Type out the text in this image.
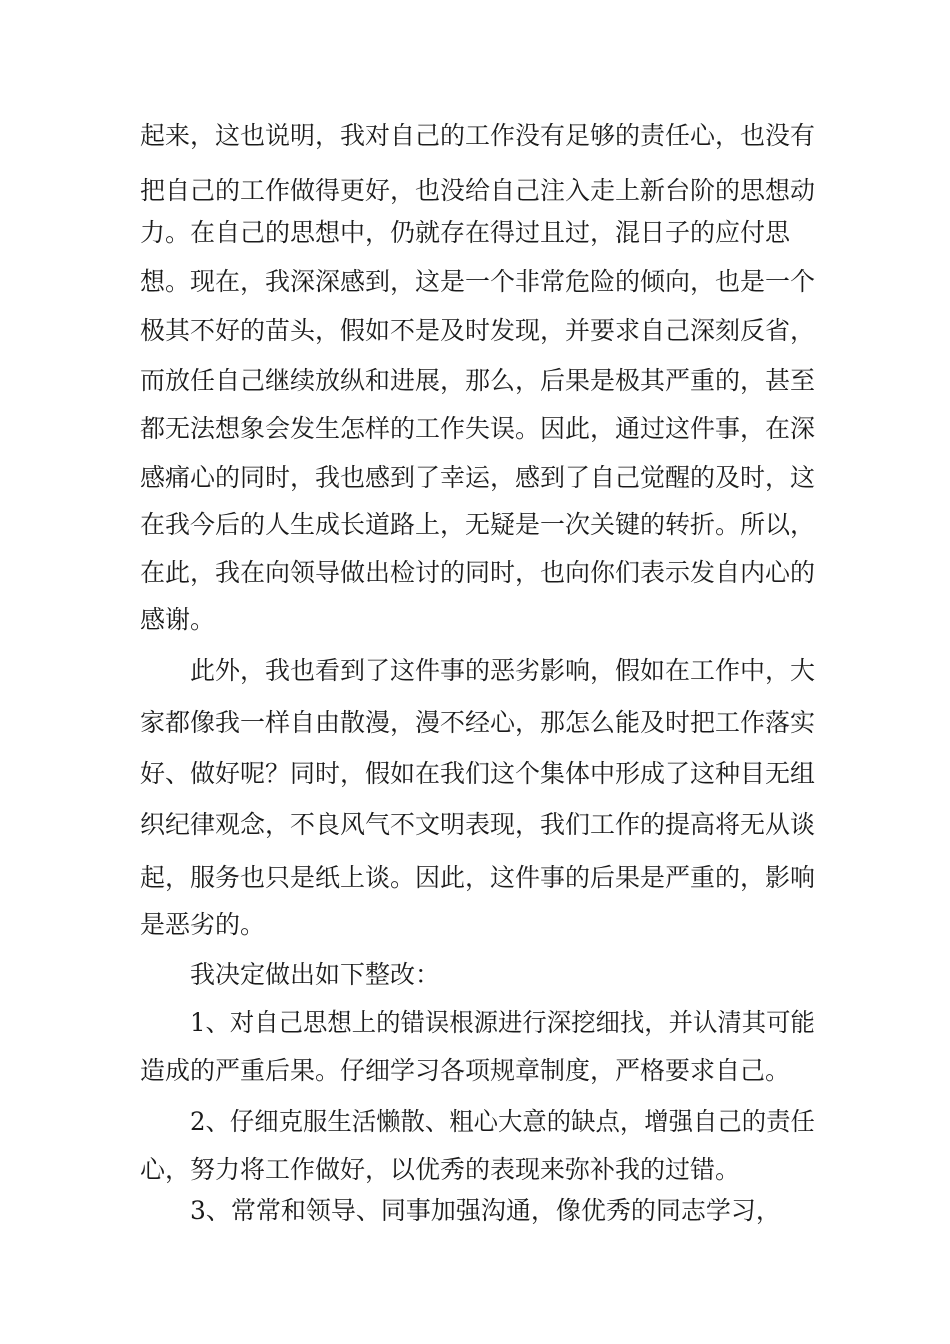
起来，这也说明，我对自己的工作没有足够的责任心，也没有
把自己的工作做得更好，也没给自己注入走上新台阶的思想动
力。在自己的思想中，仍就存在得过且过，混日子的应付思
想。现在，我深深感到，这是一个非常危险的倾向，也是一个
极其不好的苗头，假如不是及时发现，并要求自己深刻反省，
而放任自己继续放纵和进展，那么，后果是极其严重的，甚至
都无法想象会发生怎样的工作失误。因此，通过这件事，在深
感痛心的同时，我也感到了幸运，感到了自己觉醒的及时，这
在我今后的人生成长道路上，无疑是一次关键的转折。所以，
在此，我在向领导做出检讨的同时，也向你们表示发自内心的
感谢。
此外，我也看到了这件事的恶劣影响，假如在工作中，大
家都像我一样自由散漫，漫不经心，那怎么能及时把工作落实
好、做好呢？同时，假如在我们这个集体中形成了这种目无组
织纪律观念，不良风气不文明表现，我们工作的提高将无从谈
起，服务也只是纸上谈。因此，这件事的后果是严重的，影响
是恶劣的。
我决定做出如下整改：
1、对自己思想上的错误根源进行深挖细找，并认清其可能
造成的严重后果。仔细学习各项规章制度，严格要求自己。
2、仔细克服生活懒散、粗心大意的缺点，增强自己的责任
心，努力将工作做好，以优秀的表现来弥补我的过错。
3、常常和领导、同事加强沟通，像优秀的同志学习，
